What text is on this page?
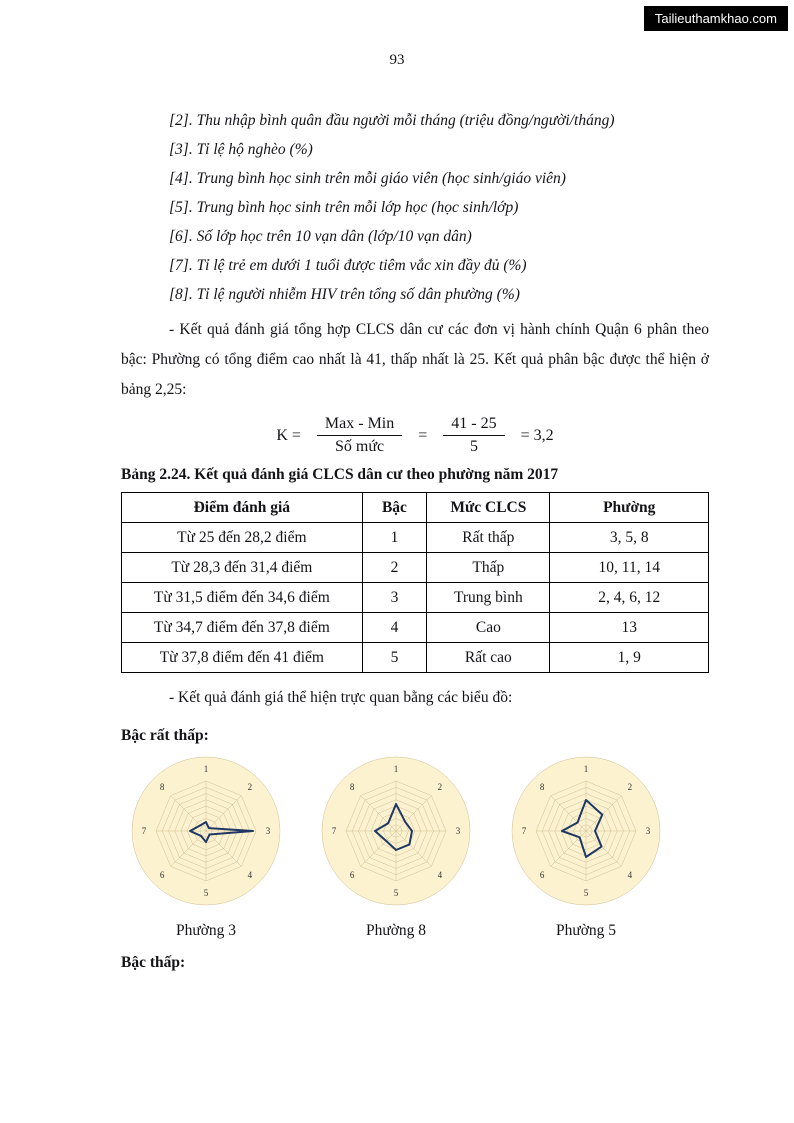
Tailieuthamkhao.com
93
[2]. Thu nhập bình quân đầu người mỗi tháng (triệu đồng/người/tháng)
[3]. Tỉ lệ hộ nghèo (%)
[4]. Trung bình học sinh trên mỗi giáo viên (học sinh/giáo viên)
[5]. Trung bình học sinh trên mỗi lớp học (học sinh/lớp)
[6]. Số lớp học trên 10 vạn dân (lớp/10 vạn dân)
[7]. Tỉ lệ trẻ em dưới 1 tuổi được tiêm vắc xin đầy đủ (%)
[8]. Tỉ lệ người nhiễm HIV trên tổng số dân phường (%)
- Kết quả đánh giá tổng hợp CLCS dân cư các đơn vị hành chính Quận 6 phân theo bậc: Phường có tổng điểm cao nhất là 41, thấp nhất là 25. Kết quả phân bậc được thể hiện ở bảng 2,25:
$K = \frac{\text{Max - Min}}{\text{Số mức}} = \frac{41 - 25}{5} = 3,2$
Bảng 2.24. Kết quả đánh giá CLCS dân cư theo phường năm 2017
Điểm đánh giá	Bậc	Mức CLCS	Phường
Từ 25 đến 28,2 điểm	1	Rất thấp	3, 5, 8
Từ 28,3 đến 31,4 điểm	2	Thấp	10, 11, 14
Từ 31,5 điểm đến 34,6 điểm	3	Trung bình	2, 4, 6, 12
Từ 34,7 điểm đến 37,8 điểm	4	Cao	13
Từ 37,8 điểm đến 41 điểm	5	Rất cao	1, 9
- Kết quả đánh giá thể hiện trực quan bằng các biểu đồ:
Bậc rất thấp:
1
2
3
4
5
6
7
8
Phường 3
1
2
3
4
5
6
7
8
Phường 8
1
2
3
4
5
6
7
8
Phường 5
Bậc thấp:
